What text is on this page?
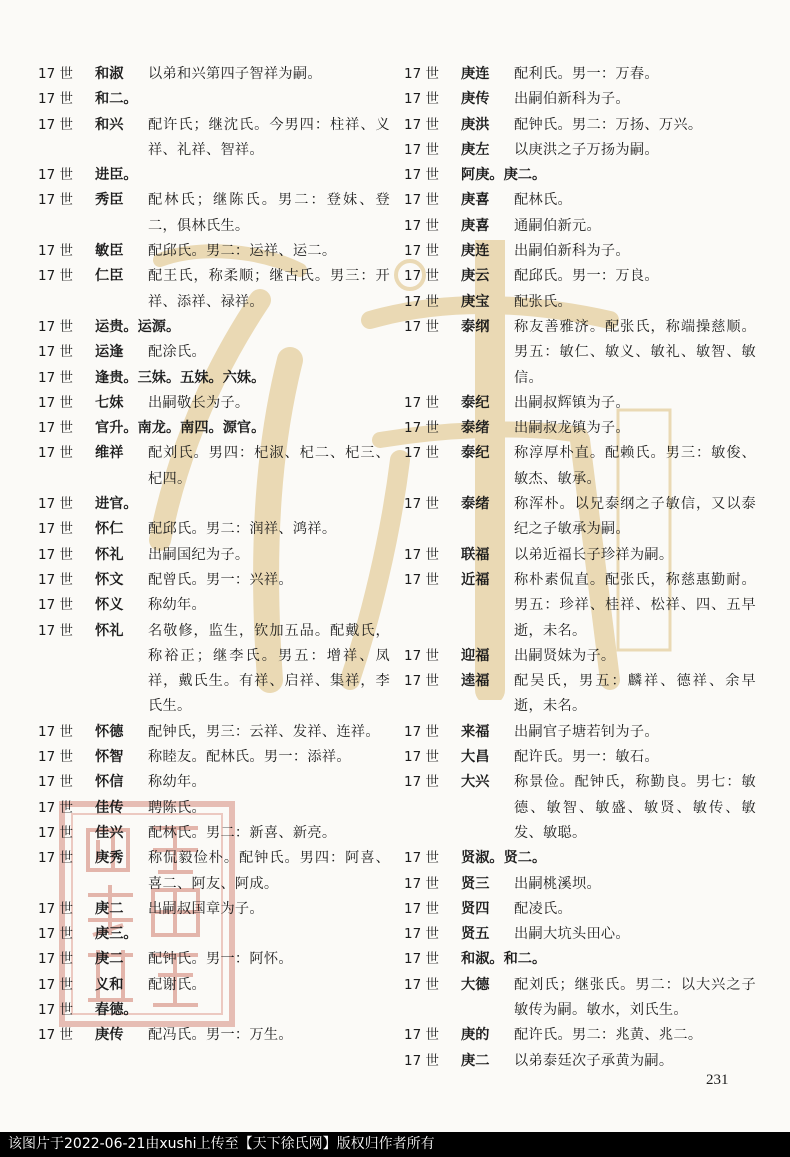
17 世	和淑	以弟和兴第四子智祥为嗣。
17 世	和二。
17 世	和兴	配许氏；继沈氏。今男四：柱祥、义祥、礼祥、智祥。
17 世	进臣。
17 世	秀臣	配林氏；继陈氏。男二：登妹、登二，俱林氏生。
17 世	敏臣	配邱氏。男二：运祥、运二。
17 世	仁臣	配王氏，称柔顺；继古氏。男三：开祥、添祥、禄祥。
17 世	运贵。运源。
17 世	运逢	配涂氏。
17 世	逢贵。三妹。五妹。六妹。
17 世	七妹	出嗣敬长为子。
17 世	官升。南龙。南四。源官。
17 世	维祥	配刘氏。男四：杞淑、杞二、杞三、杞四。
17 世	进官。
17 世	怀仁	配邱氏。男二：润祥、鸿祥。
17 世	怀礼	出嗣国纪为子。
17 世	怀文	配曾氏。男一：兴祥。
17 世	怀义	称幼年。
17 世	怀礼	名敬修，监生，钦加五品。配戴氏，称裕正；继李氏。男五：增祥、凤祥，戴氏生。有祥、启祥、集祥，李氏生。
17 世	怀德	配钟氏，男三：云祥、发祥、连祥。
17 世	怀智	称睦友。配林氏。男一：添祥。
17 世	怀信	称幼年。
17 世	佳传	聘陈氏。
17 世	佳兴	配林氏。男二：新喜、新亮。
17 世	庚秀	称侃毅俭朴。配钟氏。男四：阿喜、喜二、阿友、阿成。
17 世	庚二	出嗣叔国章为子。
17 世	庚三。
17 世	庚二	配钟氏。男一：阿怀。
17 世	义和	配谢氏。
17 世	春德。
17 世	庚传	配冯氏。男一：万生。
17 世	庚连	配利氏。男一：万春。
17 世	庚传	出嗣伯新科为子。
17 世	庚洪	配钟氏。男二：万扬、万兴。
17 世	庚左	以庚洪之子万扬为嗣。
17 世	阿庚。庚二。
17 世	庚喜	配林氏。
17 世	庚喜	通嗣伯新元。
17 世	庚连	出嗣伯新科为子。
17 世	庚云	配邱氏。男一：万良。
17 世	庚宝	配张氏。
17 世	泰纲	称友善雅济。配张氏，称端操慈顺。男五：敏仁、敏义、敏礼、敏智、敏信。
17 世	泰纪	出嗣叔辉镇为子。
17 世	泰绪	出嗣叔龙镇为子。
17 世	泰纪	称淳厚朴直。配赖氏。男三：敏俊、敏杰、敏承。
17 世	泰绪	称浑朴。以兄泰纲之子敏信，又以泰纪之子敏承为嗣。
17 世	联福	以弟近福长子珍祥为嗣。
17 世	近福	称朴素侃直。配张氏，称慈惠勤耐。男五：珍祥、桂祥、松祥、四、五早逝，未名。
17 世	迎福	出嗣贤妹为子。
17 世	逵福	配吴氏，男五：麟祥、德祥、余早逝，未名。
17 世	来福	出嗣官子塘若钊为子。
17 世	大昌	配许氏。男一：敏石。
17 世	大兴	称景俭。配钟氏，称勤良。男七：敏德、敏智、敏盛、敏贤、敏传、敏发、敏聪。
17 世	贤淑。贤二。
17 世	贤三	出嗣桃溪坝。
17 世	贤四	配凌氏。
17 世	贤五	出嗣大坑头田心。
17 世	和淑。和二。
17 世	大德	配刘氏；继张氏。男二：以大兴之子敏传为嗣。敏水，刘氏生。
17 世	庚的	配许氏。男二：兆黄、兆二。
17 世	庚二	以弟泰廷次子承黄为嗣。
231
该图片于2022-06-21由xushi上传至【天下徐氏网】版权归作者所有
